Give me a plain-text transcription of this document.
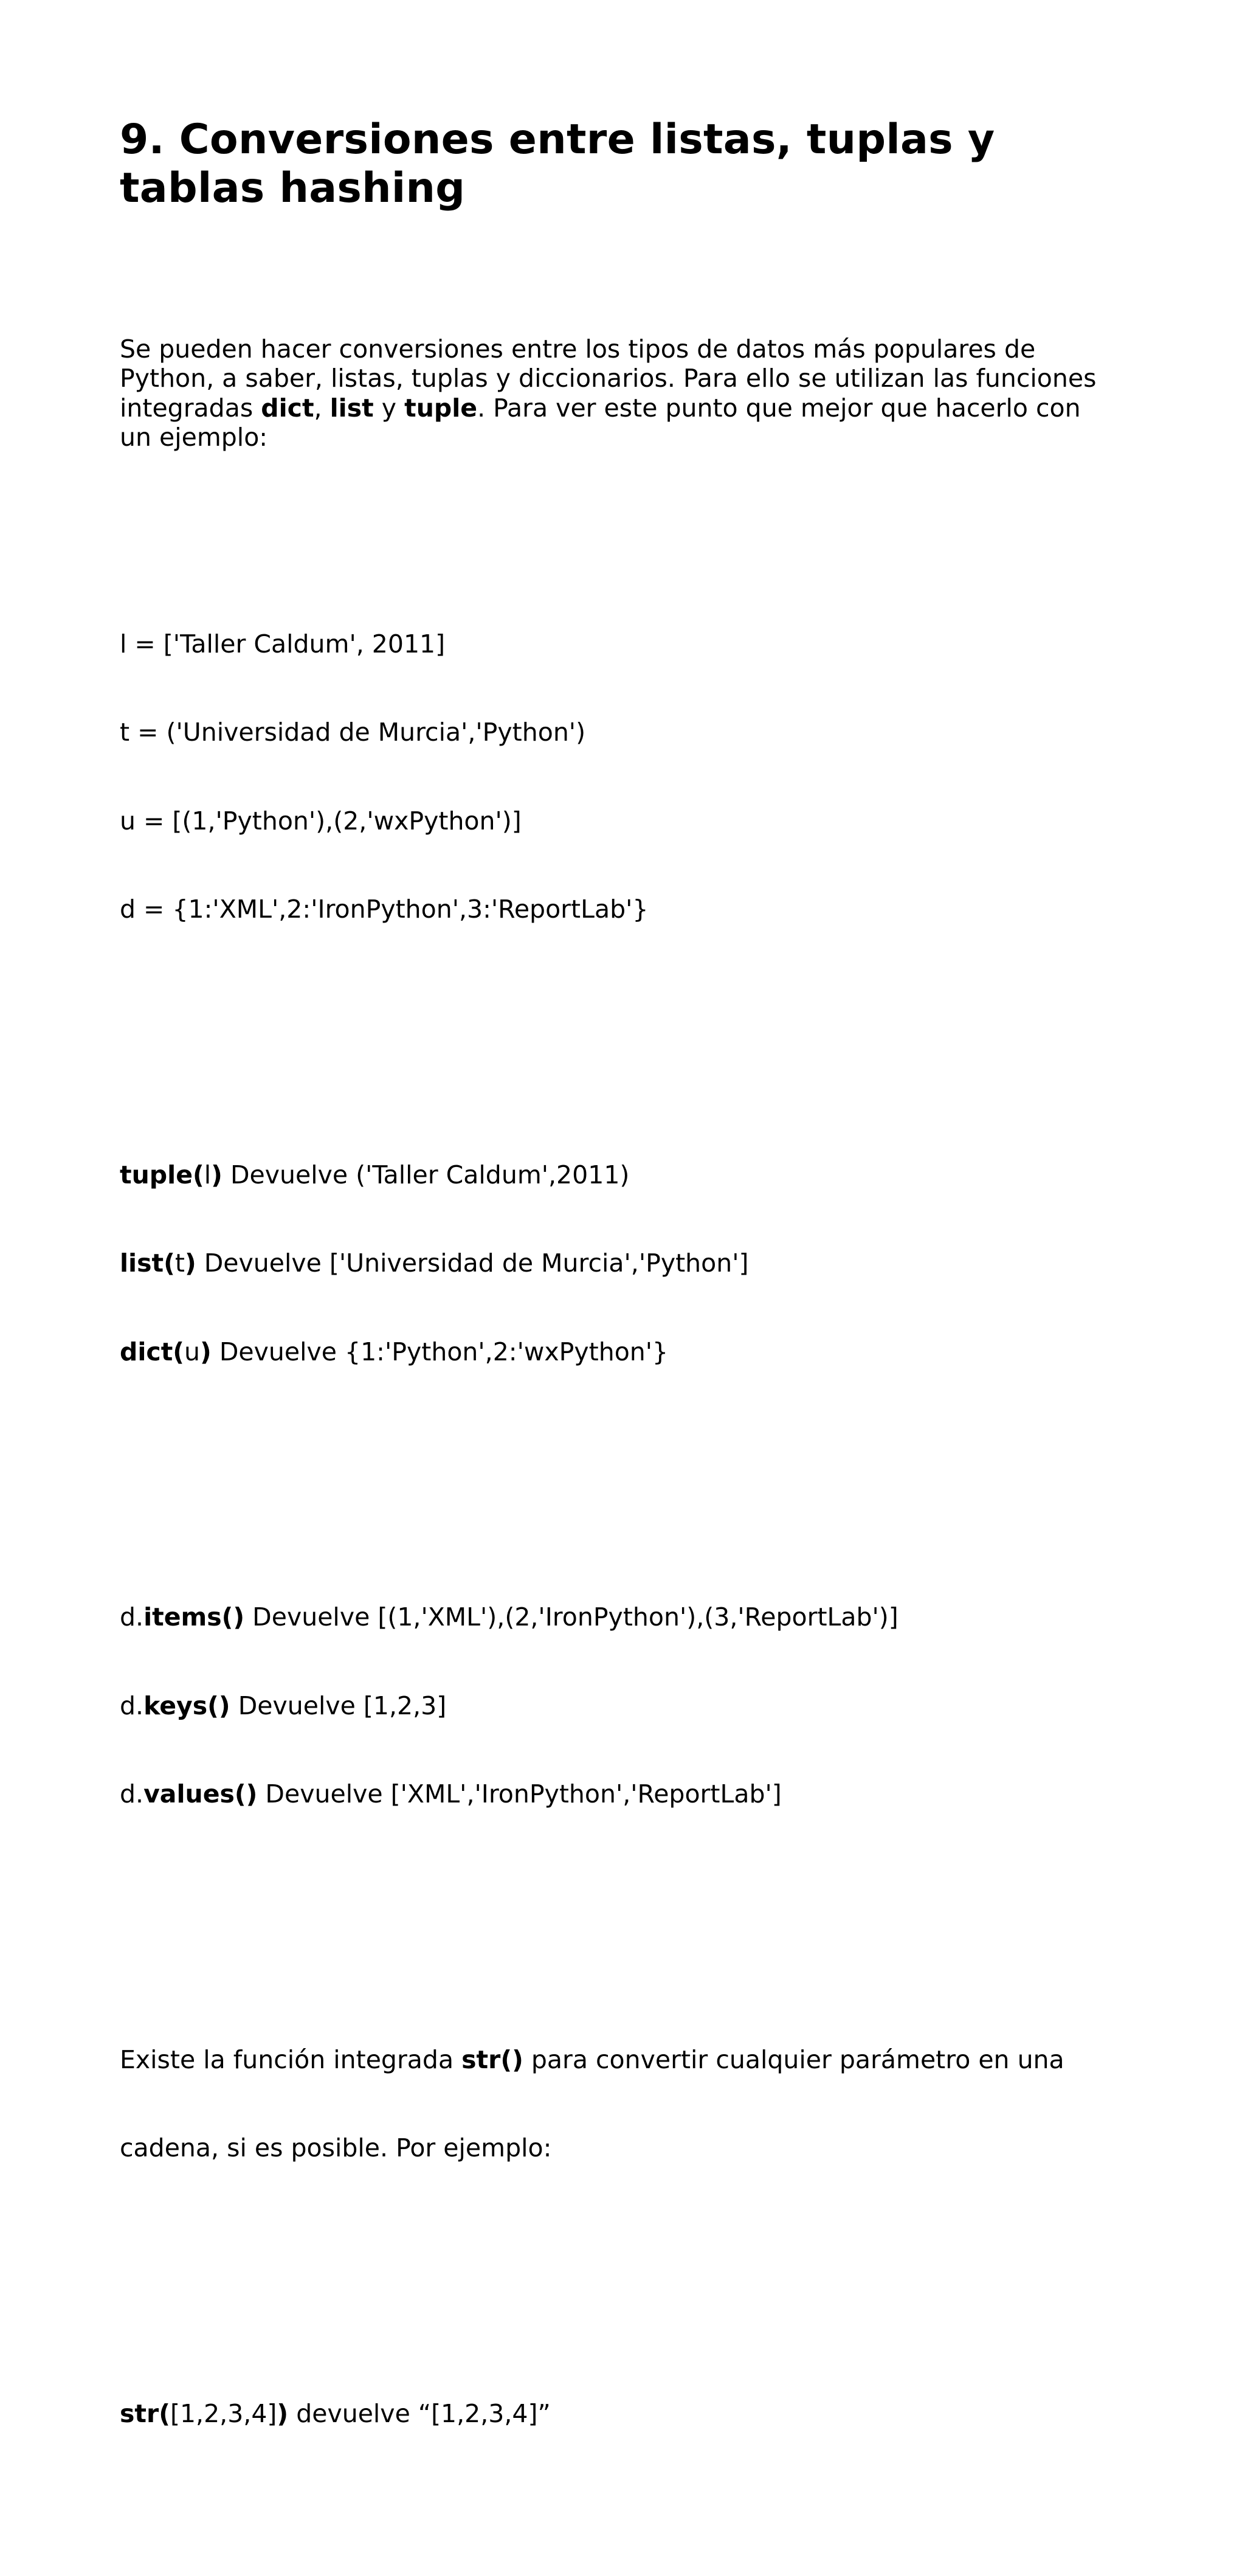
9. Conversiones entre listas, tuplas y
tablas hashing

Se pueden hacer conversiones entre los tipos de datos más populares de
Python, a saber, listas, tuplas y diccionarios. Para ello se utilizan las funciones
integradas dict, list y tuple. Para ver este punto que mejor que hacerlo con
un ejemplo:

l = ['Taller Caldum', 2011]

t = ('Universidad de Murcia','Python')

u = [(1,'Python'),(2,'wxPython')]

d = {1:'XML',2:'IronPython',3:'ReportLab'}

tuple(l) Devuelve ('Taller Caldum',2011)

list(t) Devuelve ['Universidad de Murcia','Python']

dict(u) Devuelve {1:'Python',2:'wxPython'}

d.items() Devuelve [(1,'XML'),(2,'IronPython'),(3,'ReportLab')]

d.keys() Devuelve [1,2,3]

d.values() Devuelve ['XML','IronPython','ReportLab']

Existe la función integrada str() para convertir cualquier parámetro en una

cadena, si es posible. Por ejemplo:

str([1,2,3,4]) devuelve “[1,2,3,4]”
